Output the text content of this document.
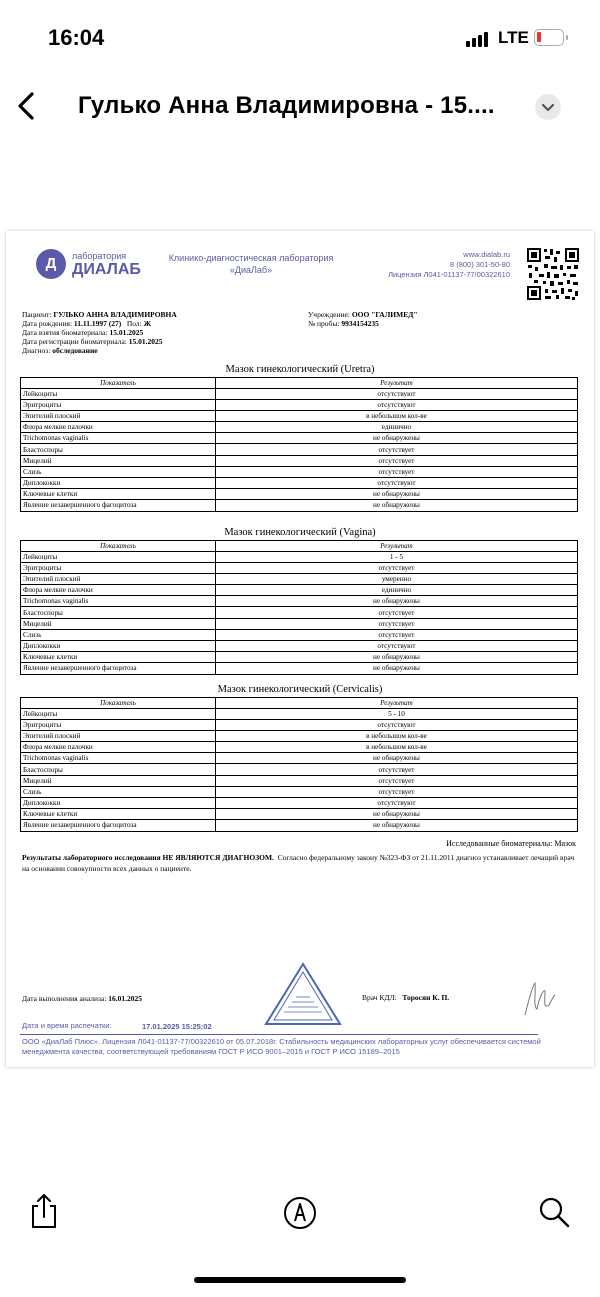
16:04	LTE
Гулько Анна Владимировна - 15....
Д	лаборатория
ДИАЛАБ
Клинико-диагностическая лаборатория
«ДиаЛаб»
www.dialab.ru
8 (800) 301-50-80
Лицензия Л041-01137-77/00322610
Пациент: ГУЛЬКО АННА ВЛАДИМИРОВНА
Дата рождения: 11.11.1997 (27) Пол: Ж
Дата взятия биоматериала: 15.01.2025
Дата регистрации биоматериала: 15.01.2025
Диагноз: обследование
Учреждение: ООО "ГАЛИМЕД"
№ пробы: 9934154235
Исследованные биоматериалы: Мазок
Результаты лабораторного исследования НЕ ЯВЛЯЮТСЯ ДИАГНОЗОМ. Согласно федеральному закону №323-ФЗ от 21.11.2011 диагноз устанавливает лечащий врач на основании совокупности всех данных о пациенте.
Дата выполнения анализа: 16.01.2025	Врач КДЛ: Торосян К. П.
Дата и время распечатки:	17.01.2025 15:25:02
ООО «ДиаЛаб Плюс». Лицензия Л041-01137-77/00322610 от 05.07.2018г. Стабильность медицинских лабораторных услуг обеспечивается системой менеджмента качества, соответствующей требованиям ГОСТ Р ИСО 9001–2015 и ГОСТ Р ИСО 15189–2015
Мазок гинекологический (Uretra)
Показатель	Результат
Лейкоциты	отсутствуют
Эритроциты	отсутствуют
Эпителий плоский	в небольшом кол-ве
Флора мелкие палочки	единично
Trichomonas vaginalis	не обнаружены
Бластоспоры	отсутствует
Мицелий	отсутствует
Слизь	отсутствует
Диплококки	отсутствуют
Ключевые клетки	не обнаружены
Явление незавершенного фагоцитоза	не обнаружены
Мазок гинекологический (Vagina)
Показатель	Результат
Лейкоциты	1 - 5
Эритроциты	отсутствует
Эпителий плоский	умеренно
Флора мелкие палочки	единично
Trichomonas vaginalis	не обнаружены
Бластоспоры	отсутствует
Мицелий	отсутствует
Слизь	отсутствует
Диплококки	отсутствуют
Ключевые клетки	не обнаружены
Явление незавершенного фагоцитоза	не обнаружены
Мазок гинекологический (Cervicalis)
Показатель	Результат
Лейкоциты	5 - 10
Эритроциты	отсутствуют
Эпителий плоский	в небольшом кол-ве
Флора мелкие палочки	в небольшом кол-ве
Trichomonas vaginalis	не обнаружены
Бластоспоры	отсутствует
Мицелий	отсутствует
Слизь	отсутствует
Диплококки	отсутствуют
Ключевые клетки	не обнаружены
Явление незавершенного фагоцитоза	не обнаружены
